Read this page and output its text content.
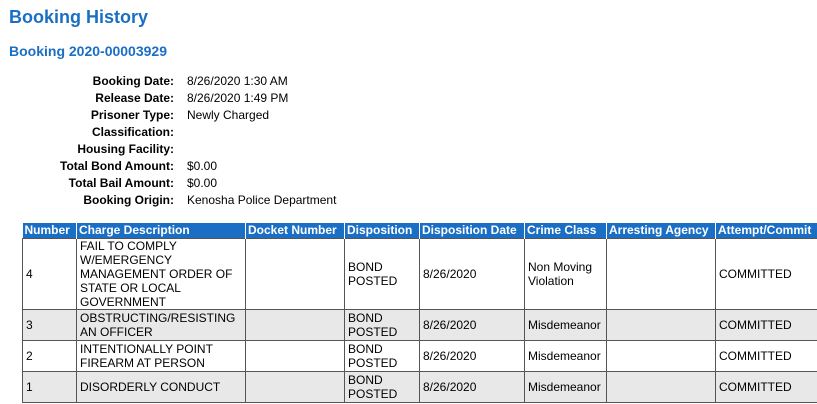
Booking History
Booking 2020-00003929
Booking Date:	8/26/2020 1:30 AM
Release Date:	8/26/2020 1:49 PM
Prisoner Type:	Newly Charged
Classification:	
Housing Facility:	
Total Bond Amount:	$0.00
Total Bail Amount:	$0.00
Booking Origin:	Kenosha Police Department
Number	Charge Description	Docket Number	Disposition	Disposition Date	Crime Class	Arresting Agency	Attempt/Commit
4	FAIL TO COMPLY W/EMERGENCY MANAGEMENT ORDER OF STATE OR LOCAL GOVERNMENT		BOND POSTED	8/26/2020	Non Moving Violation		COMMITTED
3	OBSTRUCTING/RESISTING AN OFFICER		BOND POSTED	8/26/2020	Misdemeanor		COMMITTED
2	INTENTIONALLY POINT FIREARM AT PERSON		BOND POSTED	8/26/2020	Misdemeanor		COMMITTED
1	DISORDERLY CONDUCT		BOND POSTED	8/26/2020	Misdemeanor		COMMITTED
